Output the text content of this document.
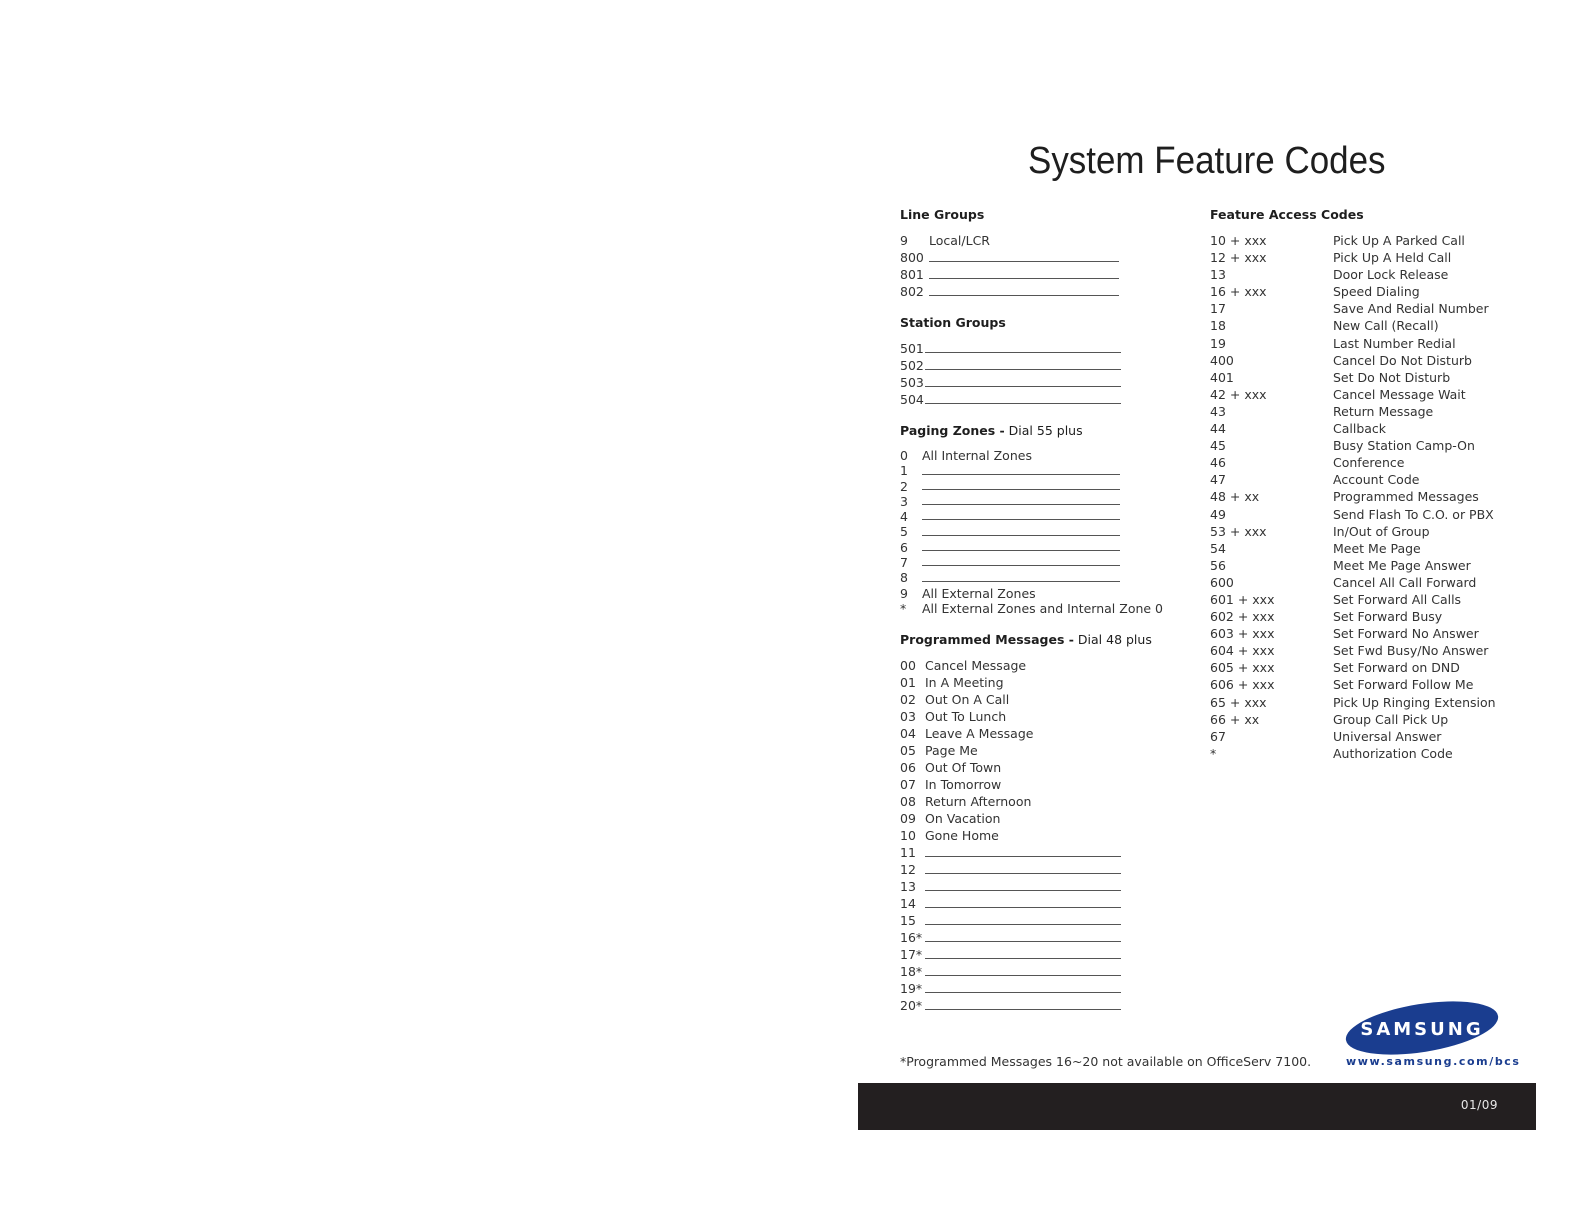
System Feature Codes
Line Groups
9	Local/LCR
800
801
802
Station Groups
501
502
503
504
Paging Zones - Dial 55 plus
0	All Internal Zones
1
2
3
4
5
6
7
8
9	All External Zones
*	All External Zones and Internal Zone 0
Programmed Messages - Dial 48 plus
00 Cancel Message
01 In A Meeting
02 Out On A Call
03 Out To Lunch
04 Leave A Message
05 Page Me
06 Out Of Town
07 In Tomorrow
08 Return Afternoon
09 On Vacation
10 Gone Home
11
12
13
14
15
16*
17*
18*
19*
20*
Feature Access Codes
10 + xxx	Pick Up A Parked Call
12 + xxx	Pick Up A Held Call
13	Door Lock Release
16 + xxx	Speed Dialing
17	Save And Redial Number
18	New Call (Recall)
19	Last Number Redial
400	Cancel Do Not Disturb
401	Set Do Not Disturb
42 + xxx	Cancel Message Wait
43	Return Message
44	Callback
45	Busy Station Camp-On
46	Conference
47	Account Code
48 + xx	Programmed Messages
49	Send Flash To C.O. or PBX
53 + xxx	In/Out of Group
54	Meet Me Page
56	Meet Me Page Answer
600	Cancel All Call Forward
601 + xxx	Set Forward All Calls
602 + xxx	Set Forward Busy
603 + xxx	Set Forward No Answer
604 + xxx	Set Fwd Busy/No Answer
605 + xxx	Set Forward on DND
606 + xxx	Set Forward Follow Me
65 + xxx	Pick Up Ringing Extension
66 + xx	Group Call Pick Up
67	Universal Answer
*	Authorization Code
*Programmed Messages 16~20 not available on OfficeServ 7100.
SAMSUNG
www.samsung.com/bcs
01/09
